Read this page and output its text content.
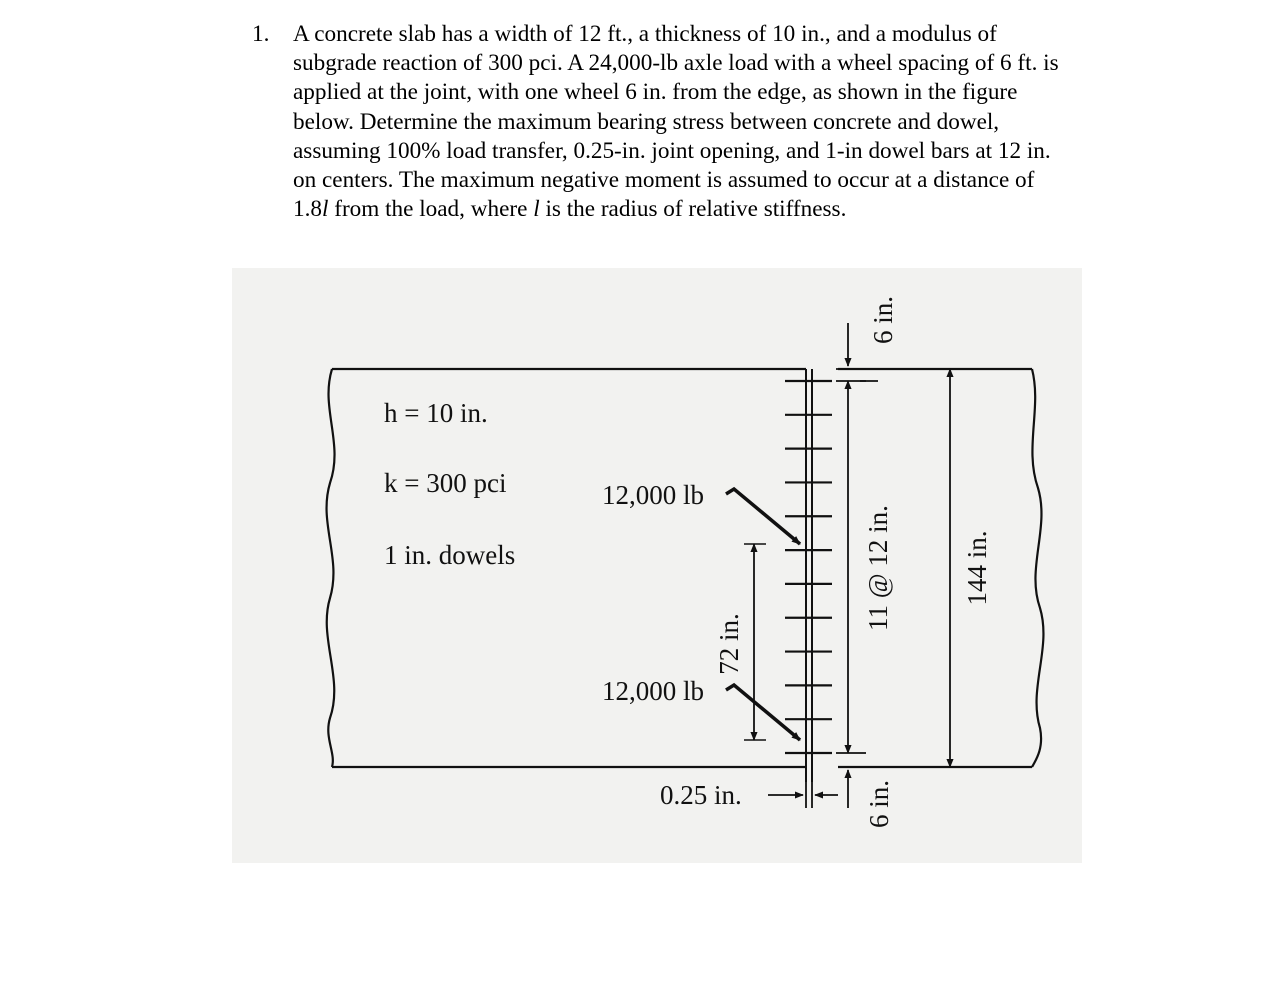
1. A concrete slab has a width of 12 ft., a thickness of 10 in., and a modulus of
subgrade reaction of 300 pci. A 24,000-lb axle load with a wheel spacing of 6 ft. is
applied at the joint, with one wheel 6 in. from the edge, as shown in the figure
below. Determine the maximum bearing stress between concrete and dowel,
assuming 100% load transfer, 0.25-in. joint opening, and 1-in dowel bars at 12 in.
on centers. The maximum negative moment is assumed to occur at a distance of
1.8l from the load, where l is the radius of relative stiffness.
h = 10 in.
k = 300 pci
1 in. dowels
12,000 lb
12,000 lb
72 in.
6 in.
11 @ 12 in.	144 in.
6 in.
0.25 in.
